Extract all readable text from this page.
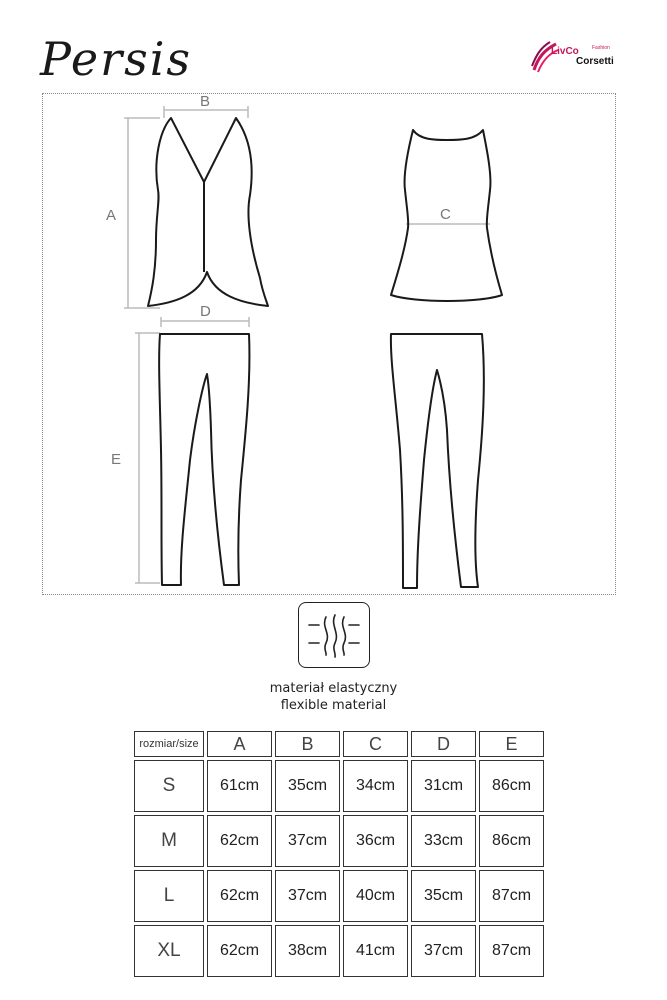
Persis	LivCo	Fashion
Corsetti
A
B
C
D
E
materiał elastyczny
flexible material
rozmiar/size	A	B	C	D	E
S	61cm	35cm	34cm	31cm	86cm
M	62cm	37cm	36cm	33cm	86cm
L	62cm	37cm	40cm	35cm	87cm
XL	62cm	38cm	41cm	37cm	87cm
